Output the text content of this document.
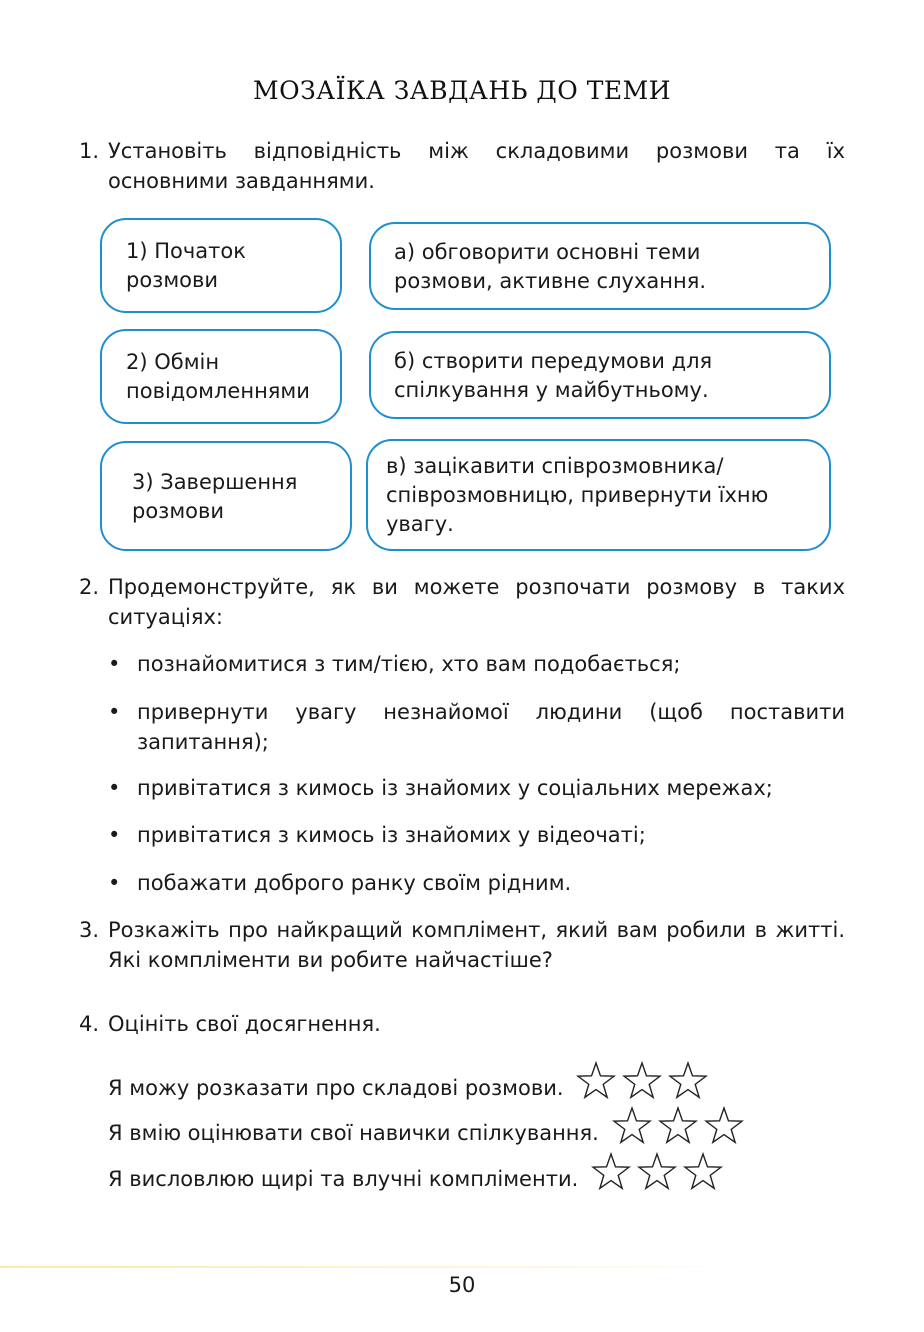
МОЗАЇКА ЗАВДАНЬ ДО ТЕМИ
1. Установіть відповідність між складовими розмови та їх основними завданнями.
1) Початок
розмови
2) Обмін
повідомленнями
3) Завершення
розмови
а) обговорити основні теми
розмови, активне слухання.
б) створити передумови для
спілкування у майбутньому.
в) зацікавити співрозмовника/
співрозмовницю, привернути їхню
увагу.
2. Продемонструйте, як ви можете розпочати розмову в таких ситуаціях:
• познайомитися з тим/тією, хто вам подобається;
• привернути увагу незнайомої людини (щоб поставити запитання);
• привітатися з кимось із знайомих у соціальних мережах;
• привітатися з кимось із знайомих у відеочаті;
• побажати доброго ранку своїм рідним.
3. Розкажіть про найкращий комплімент, який вам робили в житті. Які компліменти ви робите найчастіше?
4. Оцініть свої досягнення.
Я можу розказати про складові розмови.
Я вмію оцінювати свої навички спілкування.
Я висловлюю щирі та влучні компліменти.
50
